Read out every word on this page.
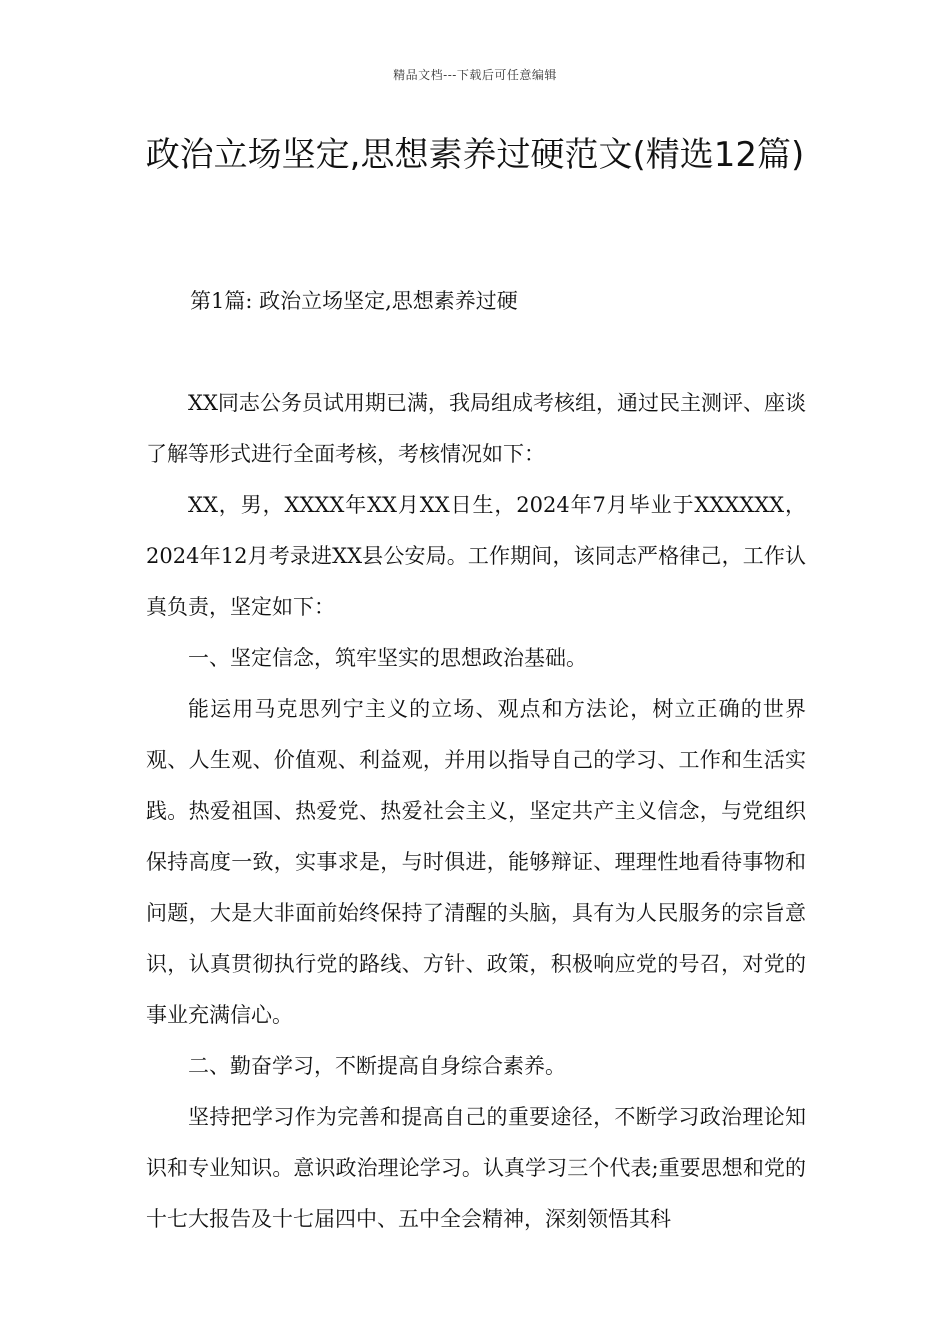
精品文档---下载后可任意编辑
政治立场坚定,思想素养过硬范文(精选12篇)
第1篇: 政治立场坚定,思想素养过硬

XX同志公务员试用期已满，我局组成考核组，通过民主测评、座谈了解等形式进行全面考核，考核情况如下：

XX，男，XXXX年XX月XX日生，2024年7月毕业于XXXXXX，2024年12月考录进XX县公安局。工作期间，该同志严格律己，工作认真负责，坚定如下：

一、坚定信念，筑牢坚实的思想政治基础。

能运用马克思列宁主义的立场、观点和方法论，树立正确的世界观、人生观、价值观、利益观，并用以指导自己的学习、工作和生活实践。热爱祖国、热爱党、热爱社会主义，坚定共产主义信念，与党组织保持高度一致，实事求是，与时俱进，能够辩证、理理性地看待事物和问题，大是大非面前始终保持了清醒的头脑，具有为人民服务的宗旨意识，认真贯彻执行党的路线、方针、政策，积极响应党的号召，对党的事业充满信心。

二、勤奋学习，不断提高自身综合素养。

坚持把学习作为完善和提高自己的重要途径，不断学习政治理论知识和专业知识。意识政治理论学习。认真学习三个代表;重要思想和党的十七大报告及十七届四中、五中全会精神，深刻领悟其科
